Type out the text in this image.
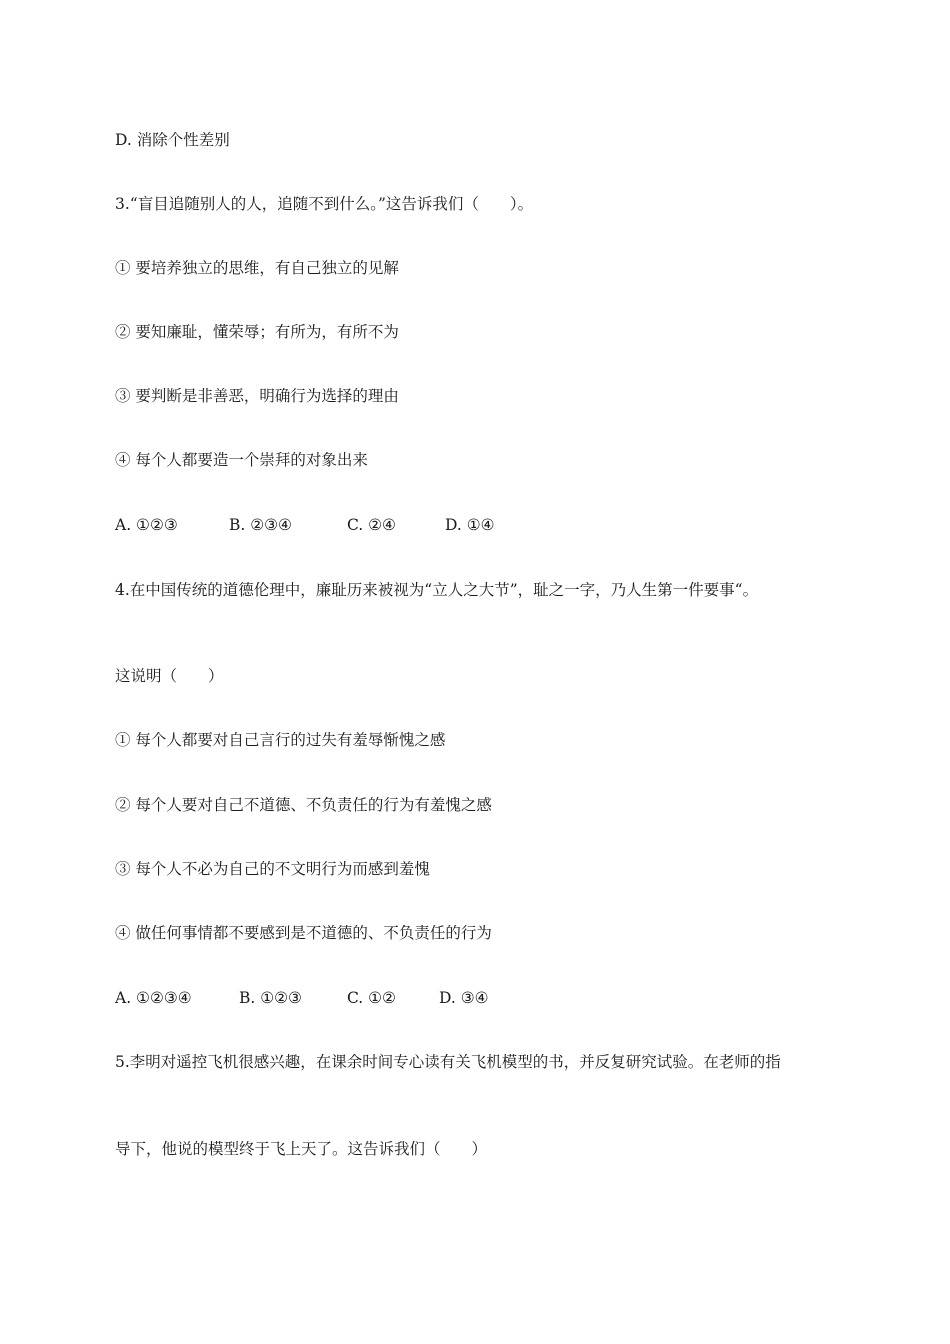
D. 消除个性差别
3.“盲目追随别人的人，追随不到什么。”这告诉我们（　　）。
① 要培养独立的思维，有自己独立的见解
② 要知廉耻，懂荣辱；有所为，有所不为
③ 要判断是非善恶，明确行为选择的理由
④ 每个人都要造一个崇拜的对象出来
A. ①②③	B. ②③④	C. ②④	D. ①④
4.在中国传统的道德伦理中，廉耻历来被视为“立人之大节”，耻之一字，乃人生第一件要事“。
这说明（　　）
① 每个人都要对自己言行的过失有羞辱惭愧之感
② 每个人要对自己不道德、不负责任的行为有羞愧之感
③ 每个人不必为自己的不文明行为而感到羞愧
④ 做任何事情都不要感到是不道德的、不负责任的行为
A. ①②③④	B. ①②③	C. ①②	D. ③④
5.李明对遥控飞机很感兴趣，在课余时间专心读有关飞机模型的书，并反复研究试验。在老师的指
导下，他说的模型终于飞上天了。这告诉我们（　　）
